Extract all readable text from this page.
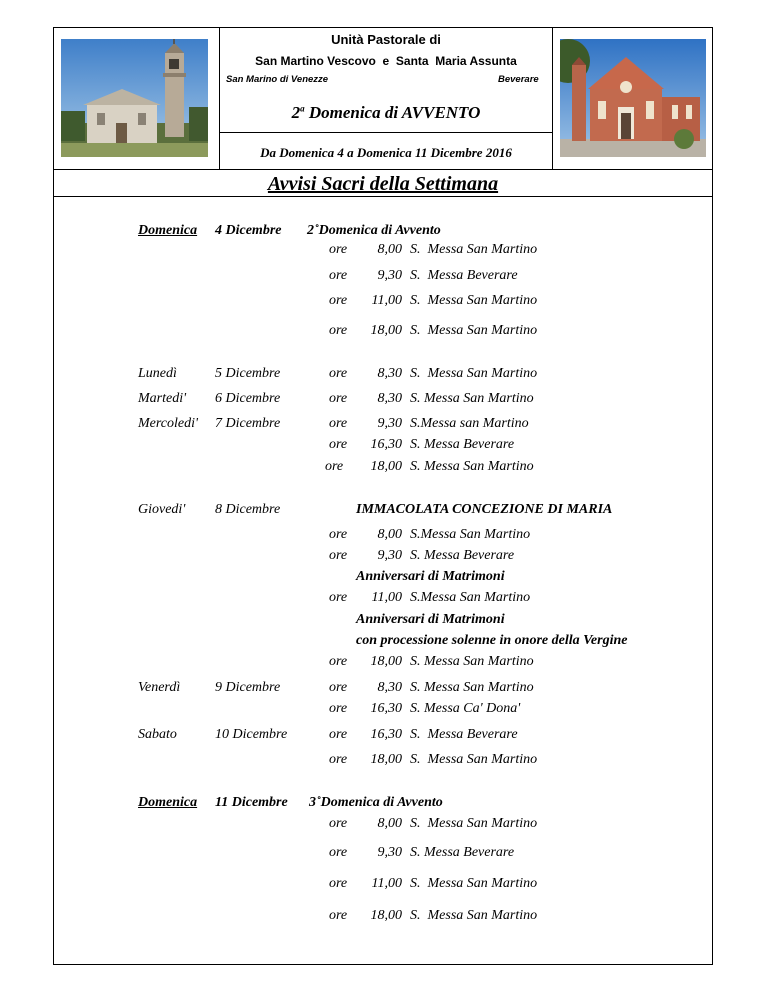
Unità Pastorale di
San Martino Vescovo  e  Santa  Maria Assunta
San Marino di Venezze	Beverare
2$^a$ Domenica di AVVENTO
Da Domenica 4 a Domenica 11 Dicembre 2016
Avvisi Sacri della Settimana
Domenica 4 Dicembre 2˚Domenica di Avvento
ore	8,00 S.  Messa San Martino
ore	9,30 S.  Messa Beverare
ore	11,00 S.  Messa San Martino
ore	18,00 S.  Messa San Martino
Lunedì	5 Dicembre	ore	8,30 S.  Messa San Martino
Martedi' 6 Dicembre	ore	8,30 S. Messa San Martino
Mercoledi' 7 Dicembre	ore	9,30 S.Messa san Martino
ore	16,30 S. Messa Beverare
ore	18,00 S. Messa San Martino
Giovedi' 8 Dicembre	IMMACOLATA CONCEZIONE DI MARIA
ore	8,00 S.Messa San Martino
ore	9,30 S. Messa Beverare
Anniversari di Matrimoni
ore	11,00 S.Messa San Martino
Anniversari di Matrimoni
con processione solenne in onore della Vergine
ore	18,00 S. Messa San Martino
Venerdì 9 Dicembre	ore	8,30 S. Messa San Martino
ore	16,30 S. Messa Ca' Dona'
Sabato	10 Dicembre	ore	16,30 S.  Messa Beverare
ore	18,00 S.  Messa San Martino
Domenica 11 Dicembre 3˚Domenica di Avvento
ore	8,00 S.  Messa San Martino
ore	9,30 S. Messa Beverare
ore	11,00 S.  Messa San Martino
ore	18,00 S.  Messa San Martino
